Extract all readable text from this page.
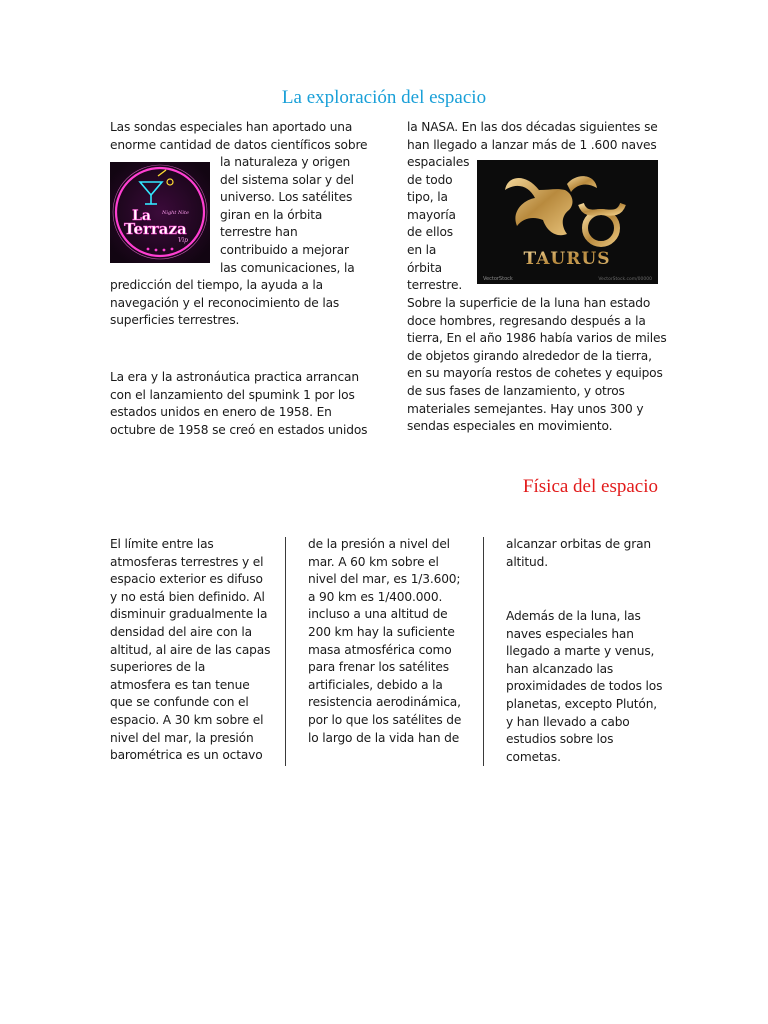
La exploración del espacio
Las sondas especiales han aportado una
enorme cantidad de datos científicos sobre
La Night Nite
Terraza
Vip
la naturaleza y origen
del sistema solar y del
universo. Los satélites
giran en la órbita
terrestre han
contribuido a mejorar
las comunicaciones, la
predicción del tiempo, la ayuda a la
navegación y el reconocimiento de las
superficies terrestres.
La era y la astronáutica practica arrancan
con el lanzamiento del spumink 1 por los
estados unidos en enero de 1958. En
octubre de 1958 se creó en estados unidos
la NASA. En las dos décadas siguientes se
han llegado a lanzar más de 1 .600 naves
espaciales
de todo
tipo, la
mayoría
de ellos
en la
órbita
terrestre.
TAURUS
VectorStock	VectorStock.com/00000
Sobre la superficie de la luna han estado
doce hombres, regresando después a la
tierra, En el año 1986 había varios de miles
de objetos girando alrededor de la tierra,
en su mayoría restos de cohetes y equipos
de sus fases de lanzamiento, y otros
materiales semejantes. Hay unos 300 y
sendas especiales en movimiento.
Física del espacio
El límite entre las
atmosferas terrestres y el
espacio exterior es difuso
y no está bien definido. Al
disminuir gradualmente la
densidad del aire con la
altitud, al aire de las capas
superiores de la
atmosfera es tan tenue
que se confunde con el
espacio. A 30 km sobre el
nivel del mar, la presión
barométrica es un octavo
de la presión a nivel del
mar. A 60 km sobre el
nivel del mar, es 1/3.600;
a 90 km es 1/400.000.
incluso a una altitud de
200 km hay la suficiente
masa atmosférica como
para frenar los satélites
artificiales, debido a la
resistencia aerodinámica,
por lo que los satélites de
lo largo de la vida han de
alcanzar orbitas de gran
altitud.
Además de la luna, las
naves especiales han
llegado a marte y venus,
han alcanzado las
proximidades de todos los
planetas, excepto Plutón,
y han llevado a cabo
estudios sobre los
cometas.
